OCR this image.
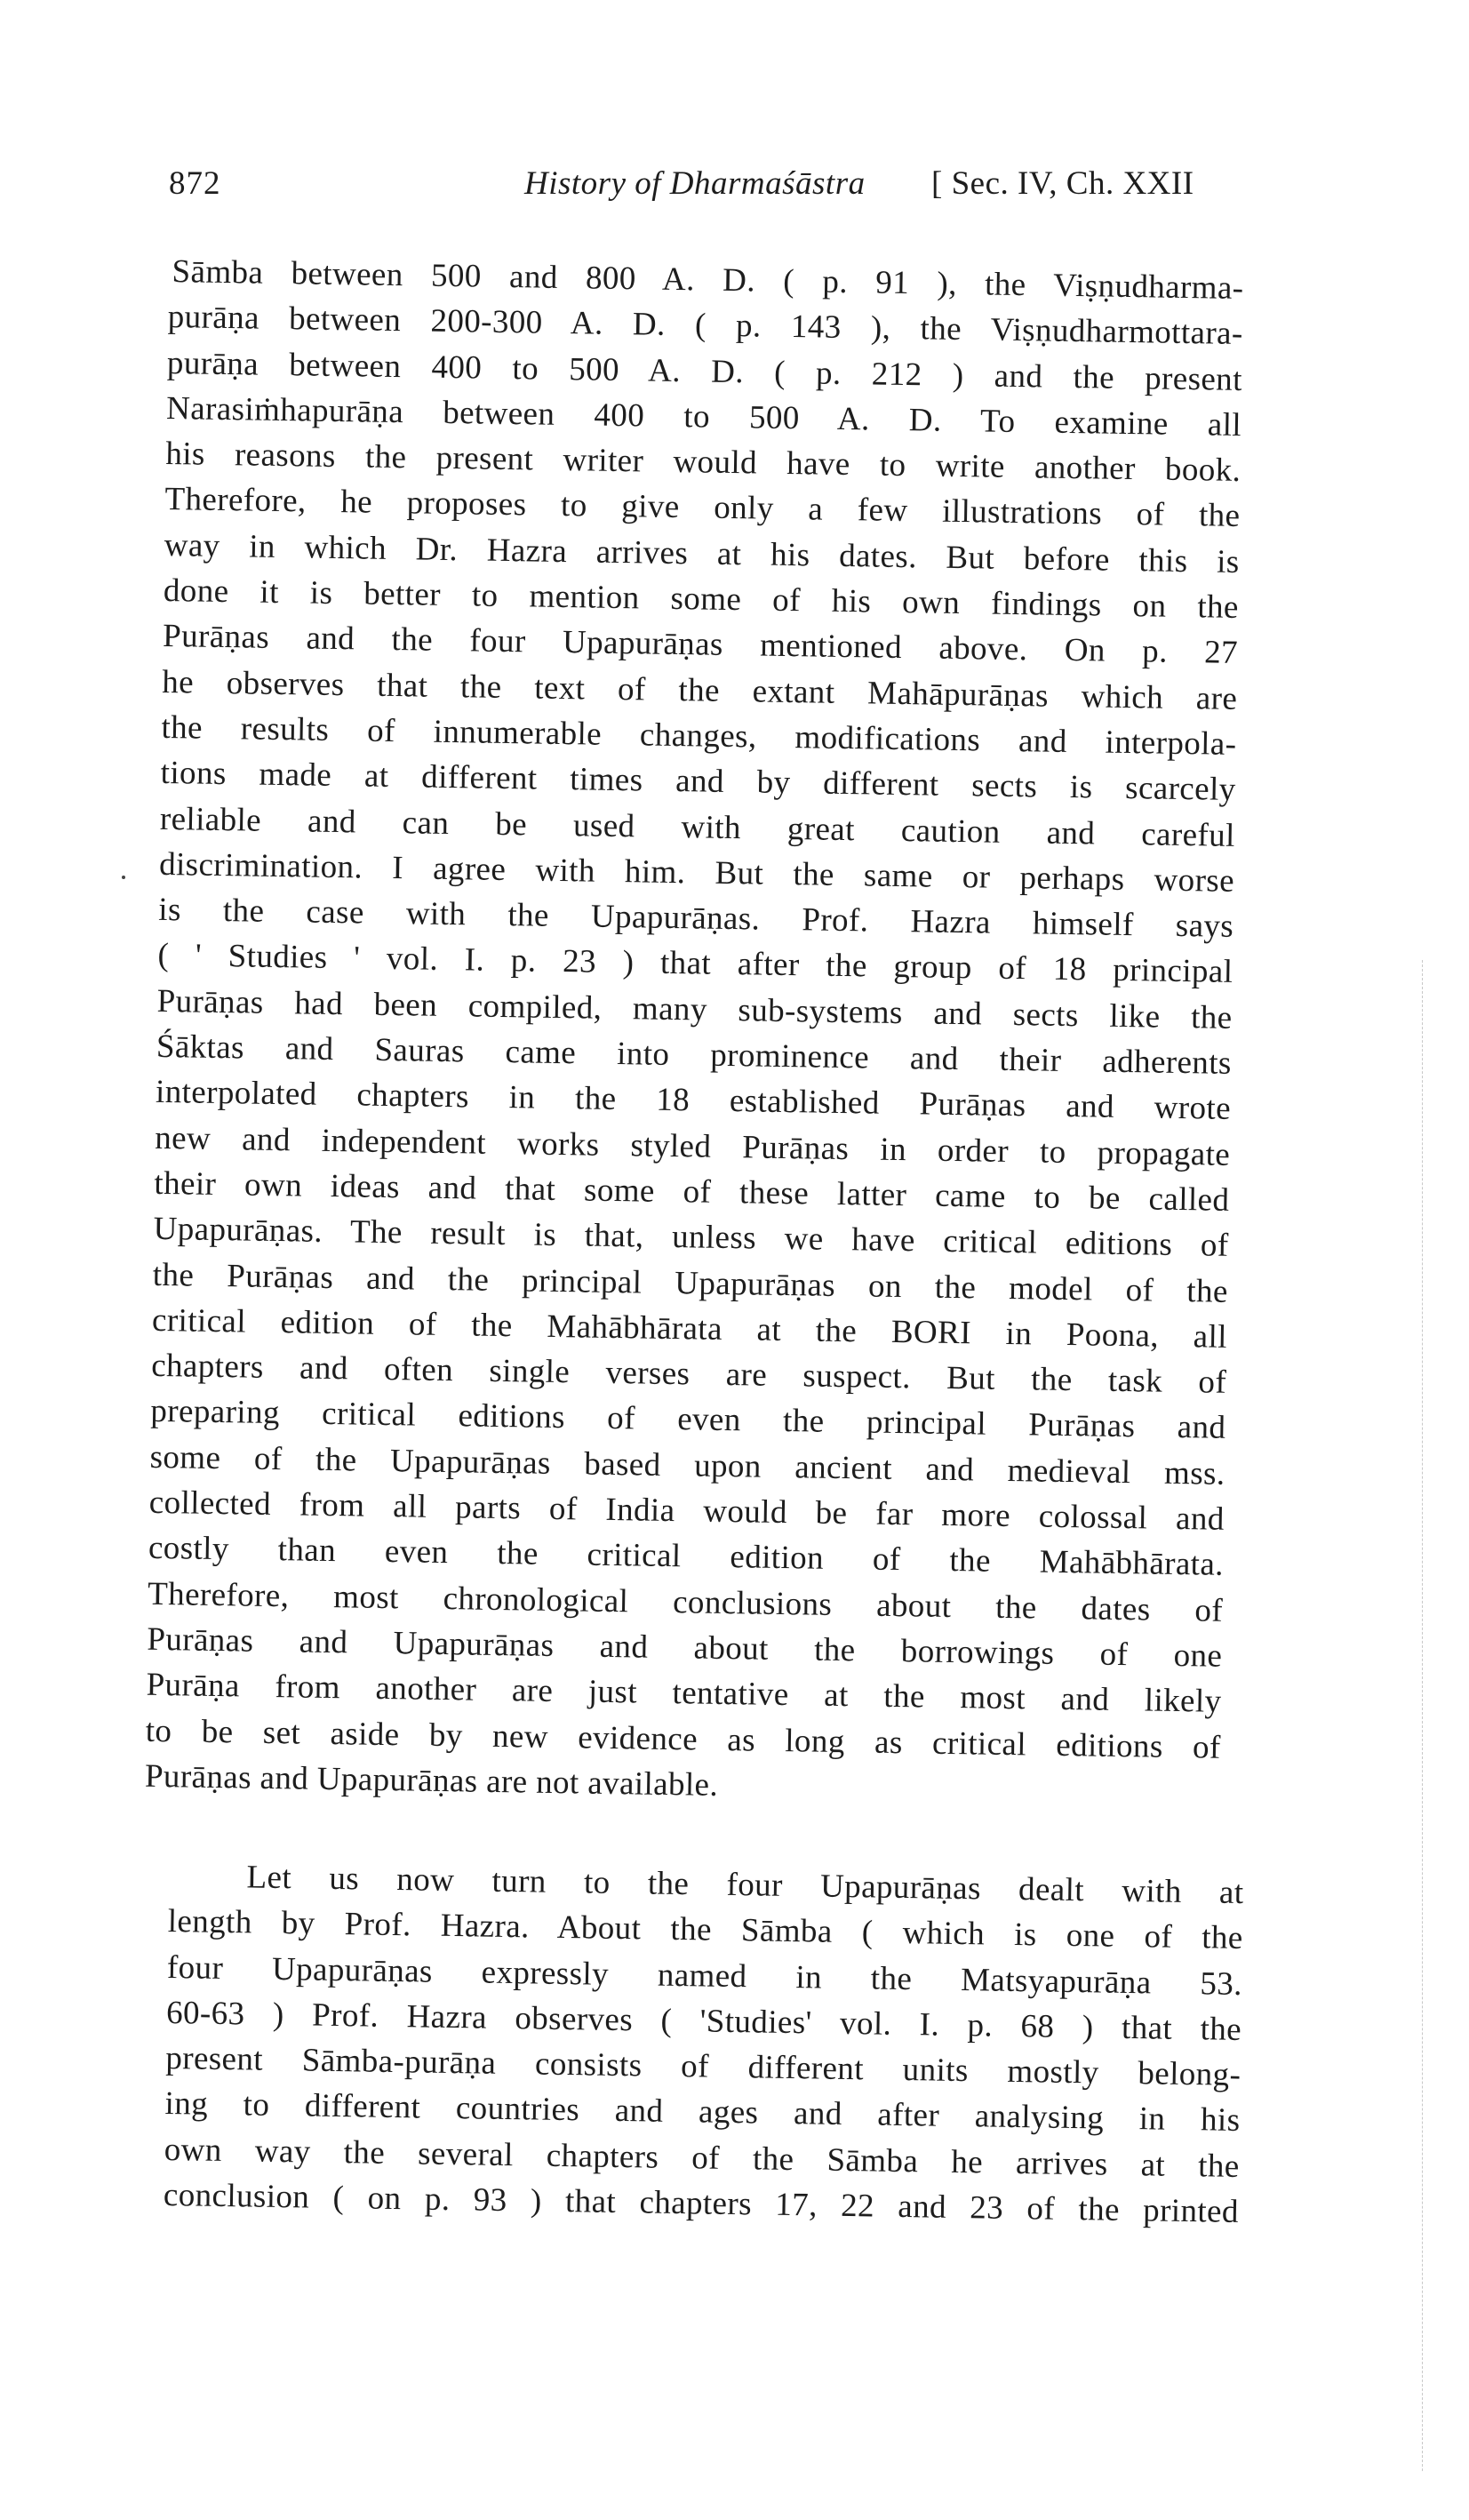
872	History of Dharmaśāstra [ Sec. IV, Ch. XXII
Sāmba between 500 and 800 A. D. ( p. 91 ), the Viṣṇudharma-
purāṇa between 200-300 A. D. ( p. 143 ), the Viṣṇudharmottara-
purāṇa between 400 to 500 A. D. ( p. 212 ) and the present
Narasiṁhapurāṇa between 400 to 500 A. D. To examine all
his reasons the present writer would have to write another book.
Therefore, he proposes to give only a few illustrations of the
way in which Dr. Hazra arrives at his dates. But before this is
done it is better to mention some of his own findings on the
Purāṇas and the four Upapurāṇas mentioned above. On p. 27
he observes that the text of the extant Mahāpurāṇas which are
the results of innumerable changes, modifications and interpola-
tions made at different times and by different sects is scarcely
reliable and can be used with great caution and careful
discrimination. I agree with him. But the same or perhaps worse
is the case with the Upapurāṇas. Prof. Hazra himself says
( ' Studies ' vol. I. p. 23 ) that after the group of 18 principal
Purāṇas had been compiled, many sub-systems and sects like the
Śāktas and Sauras came into prominence and their adherents
interpolated chapters in the 18 established Purāṇas and wrote
new and independent works styled Purāṇas in order to propagate
their own ideas and that some of these latter came to be called
Upapurāṇas. The result is that, unless we have critical editions of
the Purāṇas and the principal Upapurāṇas on the model of the
critical edition of the Mahābhārata at the BORI in Poona, all
chapters and often single verses are suspect. But the task of
preparing critical editions of even the principal Purāṇas and
some of the Upapurāṇas based upon ancient and medieval mss.
collected from all parts of India would be far more colossal and
costly than even the critical edition of the Mahābhārata.
Therefore, most chronological conclusions about the dates of
Purāṇas and Upapurāṇas and about the borrowings of one
Purāṇa from another are just tentative at the most and likely
to be set aside by new evidence as long as critical editions of
Purāṇas and Upapurāṇas are not available.
Let us now turn to the four Upapurāṇas dealt with at
length by Prof. Hazra. About the Sāmba ( which is one of the
four Upapurāṇas expressly named in the Matsyapurāṇa 53.
60-63 ) Prof. Hazra observes ( 'Studies' vol. I. p. 68 ) that the
present Sāmba-purāṇa consists of different units mostly belong-
ing to different countries and ages and after analysing in his
own way the several chapters of the Sāmba he arrives at the
conclusion ( on p. 93 ) that chapters 17, 22 and 23 of the printed
